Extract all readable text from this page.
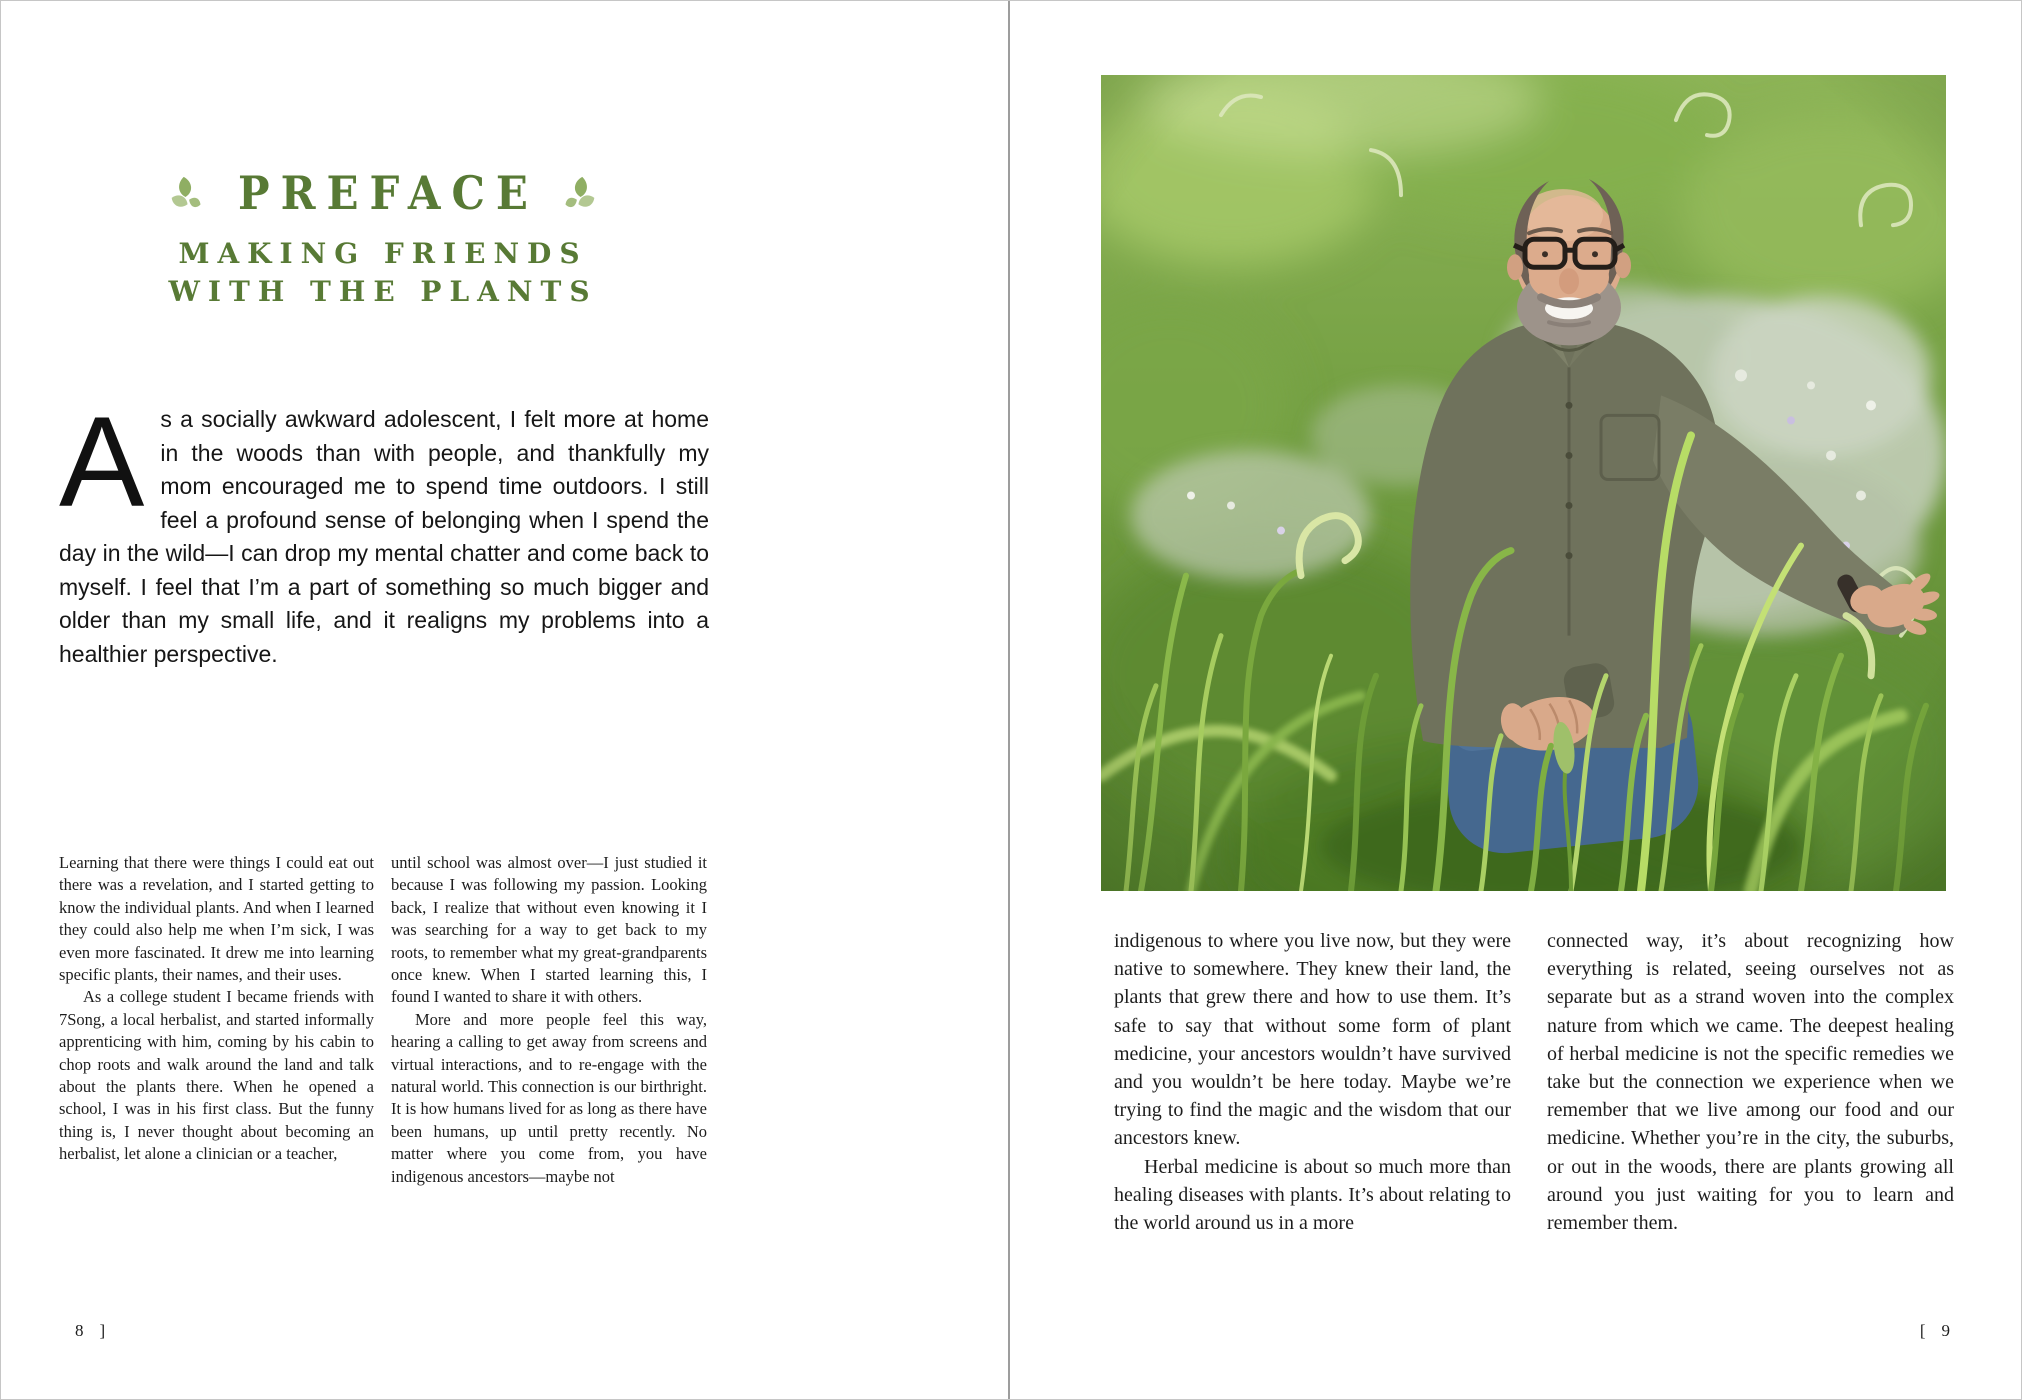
PREFACE
MAKING FRIENDS
WITH THE PLANTS
As a socially awkward adolescent, I felt more at home in the woods than with people, and thankfully my mom encouraged me to spend time outdoors. I still feel a profound sense of belonging when I spend the day in the wild—I can drop my mental chatter and come back to myself. I feel that I’m a part of something so much bigger and older than my small life, and it realigns my problems into a healthier perspective.

Learning that there were things I could eat out there was a revelation, and I started getting to know the individual plants. And when I learned they could also help me when I’m sick, I was even more fascinated. It drew me into learning specific plants, their names, and their uses.

As a college student I became friends with 7Song, a local herbalist, and started informally apprenticing with him, coming by his cabin to chop roots and walk around the land and talk about the plants there. When he opened a school, I was in his first class. But the funny thing is, I never thought about becoming an herbalist, let alone a clinician or a teacher,

until school was almost over—I just studied it because I was following my passion. Looking back, I realize that without even knowing it I was searching for a way to get back to my roots, to remember what my great-grandparents once knew. When I started learning this, I found I wanted to share it with others.

More and more people feel this way, hearing a calling to get away from screens and virtual interactions, and to re-engage with the natural world. This connection is our birthright. It is how humans lived for as long as there have been humans, up until pretty recently. No matter where you come from, you have indigenous ancestors—maybe not

8 ]

indigenous to where you live now, but they were native to somewhere. They knew their land, the plants that grew there and how to use them. It’s safe to say that without some form of plant medicine, your ancestors wouldn’t have survived and you wouldn’t be here today. Maybe we’re trying to find the magic and the wisdom that our ancestors knew.

Herbal medicine is about so much more than healing diseases with plants. It’s about relating to the world around us in a more

connected way, it’s about recognizing how everything is related, seeing ourselves not as separate but as a strand woven into the complex nature from which we came. The deepest healing of herbal medicine is not the specific remedies we take but the connection we experience when we remember that we live among our food and our medicine. Whether you’re in the city, the suburbs, or out in the woods, there are plants growing all around you just waiting for you to learn and remember them.

[ 9
